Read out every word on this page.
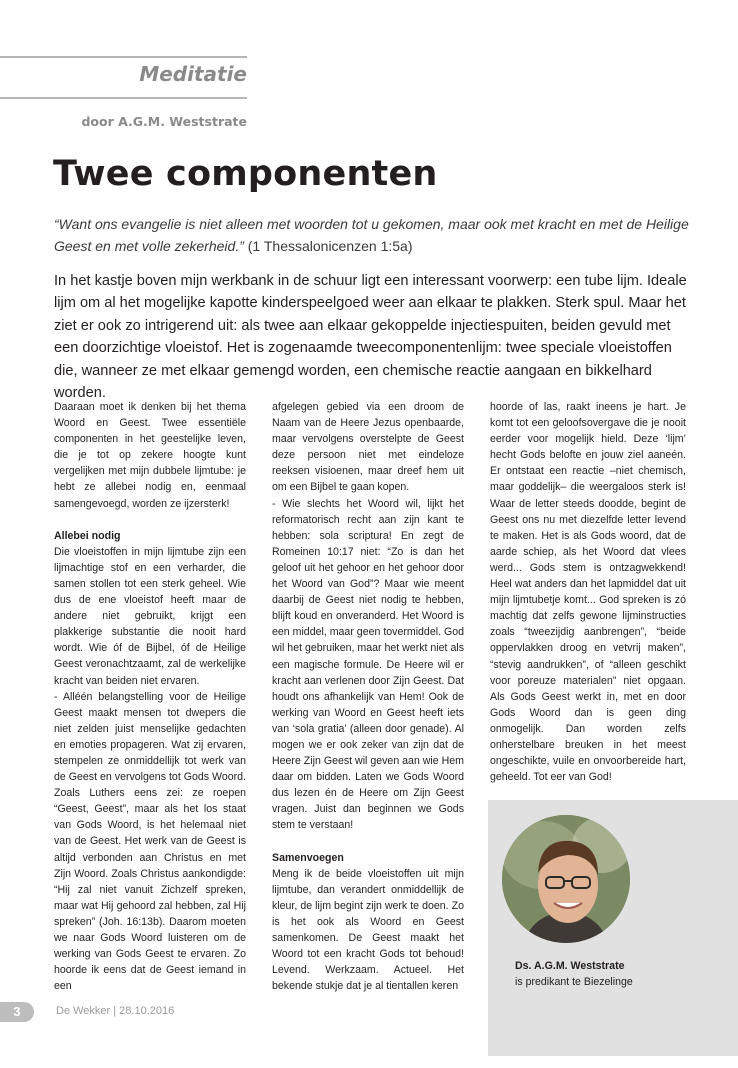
Meditatie
door A.G.M. Weststrate
Twee componenten
“Want ons evangelie is niet alleen met woorden tot u gekomen, maar ook met kracht en met de Heilige Geest en met volle zekerheid.” (1 Thessalonicenzen 1:5a)

In het kastje boven mijn werkbank in de schuur ligt een interessant voorwerp: een tube lijm. Ideale lijm om al het mogelijke kapotte kinderspeelgoed weer aan elkaar te plakken. Sterk spul. Maar het ziet er ook zo intrigerend uit: als twee aan elkaar gekoppelde injectiespuiten, beiden gevuld met een doorzichtige vloeistof. Het is zogenaamde tweecomponentenlijm: twee speciale vloeistoffen die, wanneer ze met elkaar gemengd worden, een chemische reactie aangaan en bikkelhard worden.

Daaraan moet ik denken bij het thema Woord en Geest. Twee essentiële componenten in het geestelijke leven, die je tot op zekere hoogte kunt vergelijken met mijn dubbele lijmtube: je hebt ze allebei nodig en, eenmaal samengevoegd, worden ze ijzersterk!

Allebei nodig

Die vloeistoffen in mijn lijmtube zijn een lijmachtige stof en een verharder, die samen stollen tot een sterk geheel. Wie dus de ene vloeistof heeft maar de andere niet gebruikt, krijgt een plakkerige substantie die nooit hard wordt. Wie óf de Bijbel, óf de Heilige Geest veronachtzaamt, zal de werkelijke kracht van beiden niet ervaren.

- Alléén belangstelling voor de Heilige Geest maakt mensen tot dwepers die niet zelden juist menselijke gedachten en emoties propageren. Wat zij ervaren, stempelen ze onmiddellijk tot werk van de Geest en vervolgens tot Gods Woord. Zoals Luthers eens zei: ze roepen “Geest, Geest”, maar als het los staat van Gods Woord, is het helemaal niet van de Geest. Het werk van de Geest is altijd verbonden aan Christus en met Zijn Woord. Zoals Christus aankondigde: “Hij zal niet vanuit Zichzelf spreken, maar wat Hij gehoord zal hebben, zal Hij spreken” (Joh. 16:13b). Daarom moeten we naar Gods Woord luisteren om de werking van Gods Geest te ervaren. Zo hoorde ik eens dat de Geest iemand in een

afgelegen gebied via een droom de Naam van de Heere Jezus openbaarde, maar vervolgens overstelpte de Geest deze persoon niet met eindeloze reeksen visioenen, maar dreef hem uit om een Bijbel te gaan kopen.

- Wie slechts het Woord wil, lijkt het reformatorisch recht aan zijn kant te hebben: sola scriptura! En zegt de Romeinen 10:17 niet: “Zo is dan het geloof uit het gehoor en het gehoor door het Woord van God”? Maar wie meent daarbij de Geest niet nodig te hebben, blijft koud en onveranderd. Het Woord is een middel, maar geen tovermiddel. God wil het gebruiken, maar het werkt niet als een magische formule. De Heere wil er kracht aan verlenen door Zijn Geest. Dat houdt ons afhankelijk van Hem! Ook de werking van Woord en Geest heeft iets van ‘sola gratia’ (alleen door genade). Al mogen we er ook zeker van zijn dat de Heere Zijn Geest wil geven aan wie Hem daar om bidden. Laten we Gods Woord dus lezen én de Heere om Zijn Geest vragen. Juist dan beginnen we Gods stem te verstaan!

Samenvoegen

Meng ik de beide vloeistoffen uit mijn lijmtube, dan verandert onmiddellijk de kleur, de lijm begint zijn werk te doen. Zo is het ook als Woord en Geest samenkomen. De Geest maakt het Woord tot een kracht Gods tot behoud! Levend. Werkzaam. Actueel. Het bekende stukje dat je al tientallen keren

hoorde of las, raakt ineens je hart. Je komt tot een geloofsovergave die je nooit eerder voor mogelijk hield. Deze ‘lijm’ hecht Gods belofte en jouw ziel aaneén. Er ontstaat een reactie –niet chemisch, maar goddelijk– die weergaloos sterk is! Waar de letter steeds doodde, begint de Geest ons nu met diezelfde letter levend te maken. Het is als Gods woord, dat de aarde schiep, als het Woord dat vlees werd... Gods stem is ontzagwekkend! Heel wat anders dan het lapmiddel dat uit mijn lijmtubetje komt... God spreken is zó machtig dat zelfs gewone lijminstructies zoals “tweezijdig aanbrengen”, “beide oppervlakken droog en vetvrij maken”, “stevig aandrukken”, of “alleen geschikt voor poreuze materialen” niet opgaan. Als Gods Geest werkt in, met en door Gods Woord dan is geen ding onmogelijk. Dan worden zelfs onherstelbare breuken in het meest ongeschikte, vuile en onvoorbereide hart, geheeld. Tot eer van God!

Ds. A.G.M. Weststrate
is predikant te Biezelinge
3	De Wekker | 28.10.2016
